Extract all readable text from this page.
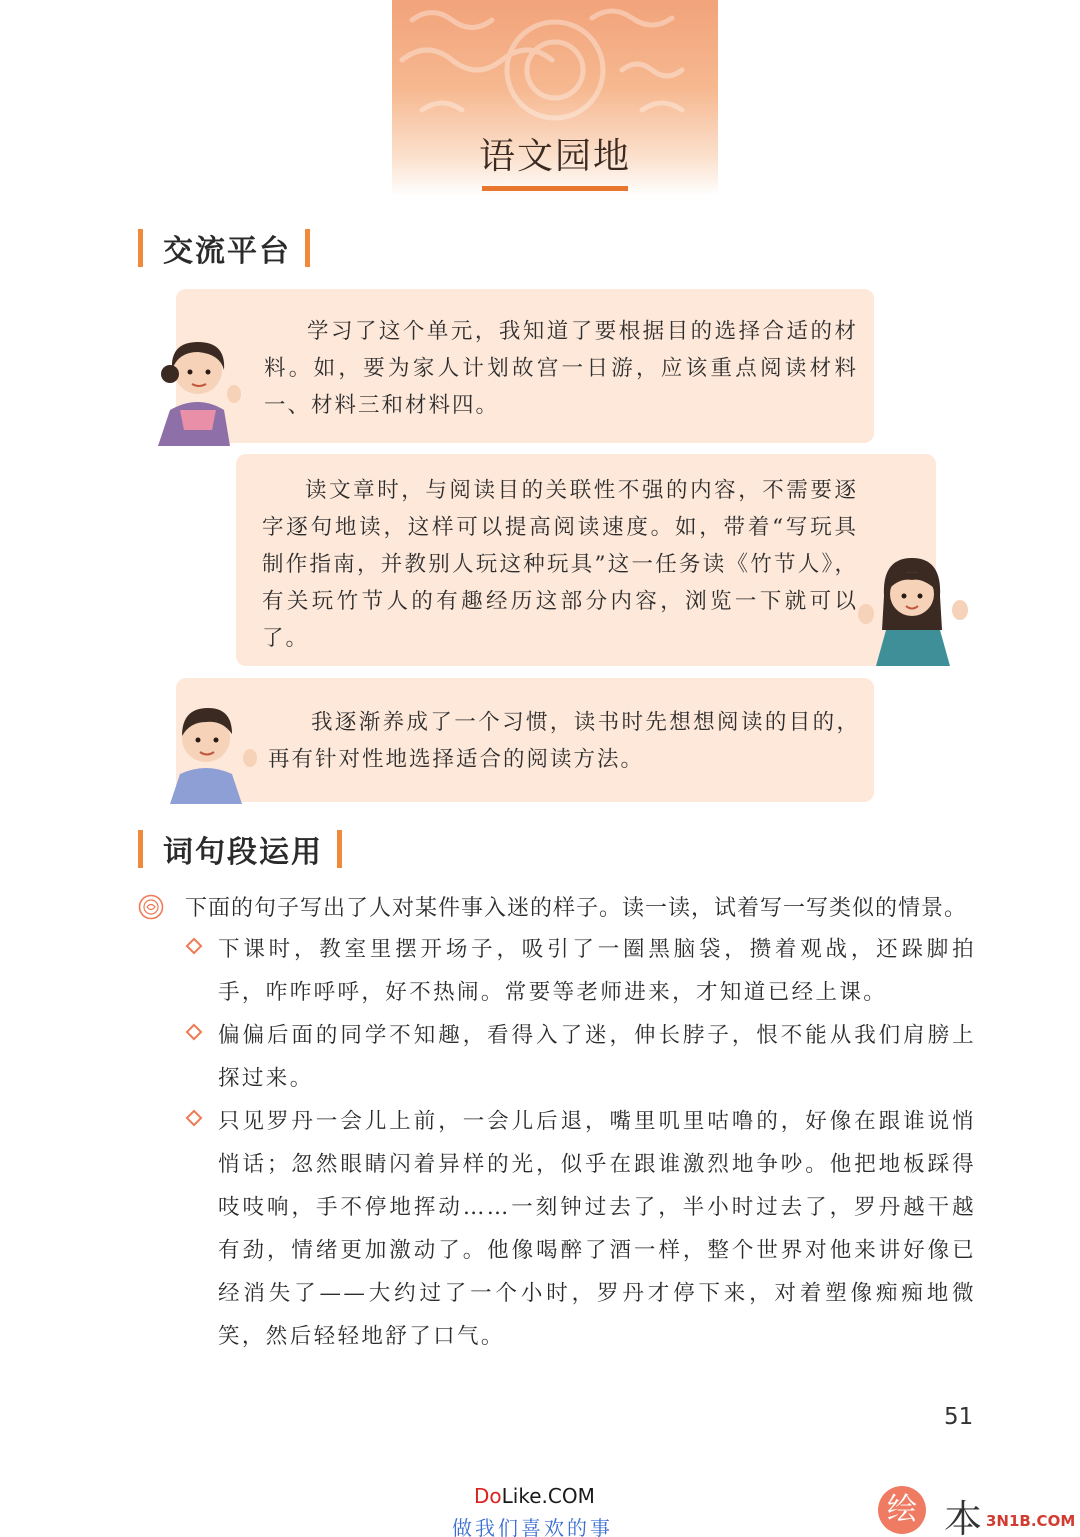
语文园地
交流平台

学习了这个单元，我知道了要根据目的选择合适的材料。如，要为家人计划故宫一日游，应该重点阅读材料一、材料三和材料四。

读文章时，与阅读目的关联性不强的内容，不需要逐字逐句地读，这样可以提高阅读速度。如，带着“写玩具制作指南，并教别人玩这种玩具”这一任务读《竹节人》，有关玩竹节人的有趣经历这部分内容，浏览一下就可以了。

我逐渐养成了一个习惯，读书时先想想阅读的目的，再有针对性地选择适合的阅读方法。

词句段运用
下面的句子写出了人对某件事入迷的样子。读一读，试着写一写类似的情景。

下课时，教室里摆开场子，吸引了一圈黑脑袋，攒着观战，还跺脚拍手，咋咋呼呼，好不热闹。常要等老师进来，才知道已经上课。

偏偏后面的同学不知趣，看得入了迷，伸长脖子，恨不能从我们肩膀上探过来。

只见罗丹一会儿上前，一会儿后退，嘴里叽里咕噜的，好像在跟谁说悄悄话；忽然眼睛闪着异样的光，似乎在跟谁激烈地争吵。他把地板踩得吱吱响，手不停地挥动……一刻钟过去了，半小时过去了，罗丹越干越有劲，情绪更加激动了。他像喝醉了酒一样，整个世界对他来讲好像已经消失了——大约过了一个小时，罗丹才停下来，对着塑像痴痴地微笑，然后轻轻地舒了口气。

51
DoLike.COM
做我们喜欢的事
绘 本 3N1B.COM
